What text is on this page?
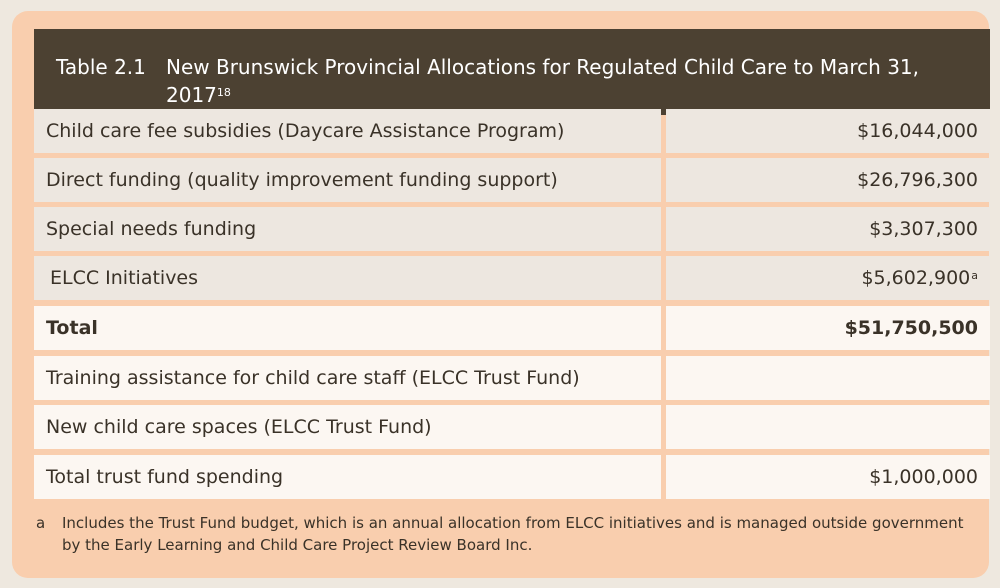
Table 2.1 New Brunswick Provincial Allocations for Regulated Child Care to March 31, 2017$^{18}$
Child care fee subsidies (Daycare Assistance Program)	$16,044,000
Direct funding (quality improvement funding support)	$26,796,300
Special needs funding	$3,307,300
ELCC Initiatives	$5,602,900$^a$
Total	$51,750,500
Training assistance for child care staff (ELCC Trust Fund)
New child care spaces (ELCC Trust Fund)
Total trust fund spending	$1,000,000
a Includes the Trust Fund budget, which is an annual allocation from ELCC initiatives and is managed outside government by the Early Learning and Child Care Project Review Board Inc.
